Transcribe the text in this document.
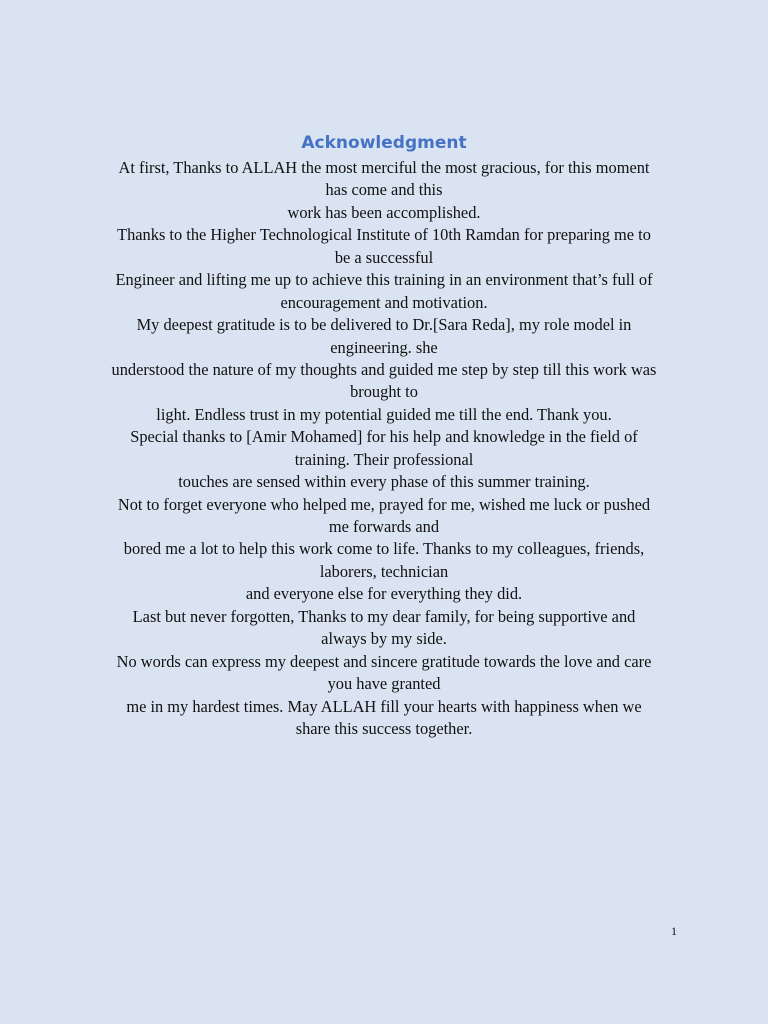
Acknowledgment
At first, Thanks to ALLAH the most merciful the most gracious, for this moment
has come and this
work has been accomplished.
Thanks to the Higher Technological Institute of 10th Ramdan for preparing me to
be a successful
Engineer and lifting me up to achieve this training in an environment that’s full of
encouragement and motivation.
My deepest gratitude is to be delivered to Dr.[Sara Reda], my role model in
engineering. she
understood the nature of my thoughts and guided me step by step till this work was
brought to
light. Endless trust in my potential guided me till the end. Thank you.
Special thanks to [Amir Mohamed] for his help and knowledge in the field of
training. Their professional
touches are sensed within every phase of this summer training.
Not to forget everyone who helped me, prayed for me, wished me luck or pushed
me forwards and
bored me a lot to help this work come to life. Thanks to my colleagues, friends,
laborers, technician
and everyone else for everything they did.
Last but never forgotten, Thanks to my dear family, for being supportive and
always by my side.
No words can express my deepest and sincere gratitude towards the love and care
you have granted
me in my hardest times. May ALLAH fill your hearts with happiness when we
share this success together.
1
